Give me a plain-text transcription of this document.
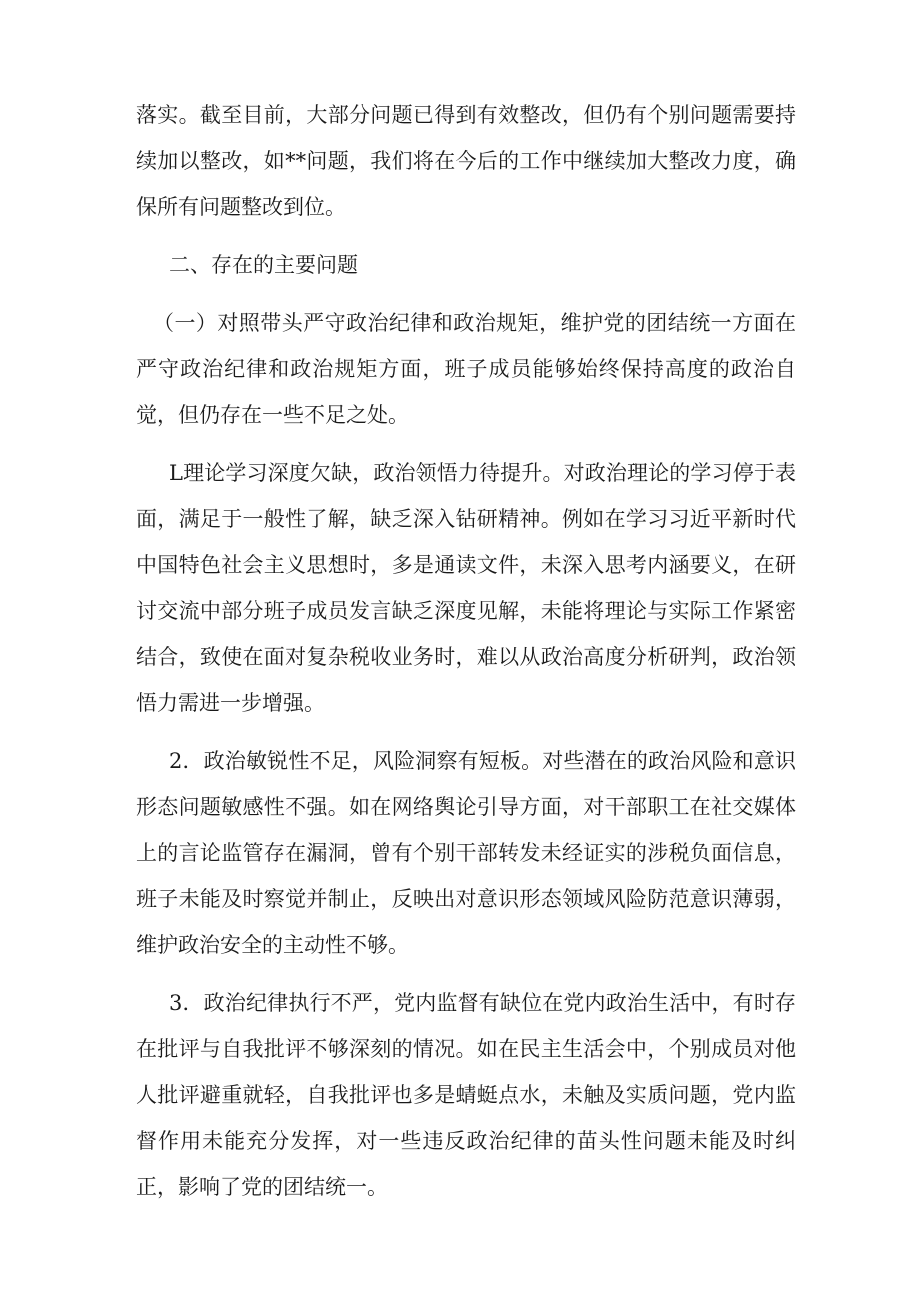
落实。截至目前，大部分问题已得到有效整改，但仍有个别问题需要持续加以整改，如**问题，我们将在今后的工作中继续加大整改力度，确保所有问题整改到位。

二、存在的主要问题

（一）对照带头严守政治纪律和政治规矩，维护党的团结统一方面在严守政治纪律和政治规矩方面，班子成员能够始终保持高度的政治自觉，但仍存在一些不足之处。

L理论学习深度欠缺，政治领悟力待提升。对政治理论的学习停于表面，满足于一般性了解，缺乏深入钻研精神。例如在学习习近平新时代中国特色社会主义思想时，多是通读文件，未深入思考内涵要义，在研讨交流中部分班子成员发言缺乏深度见解，未能将理论与实际工作紧密结合，致使在面对复杂税收业务时，难以从政治高度分析研判，政治领悟力需进一步增强。

2．政治敏锐性不足，风险洞察有短板。对些潜在的政治风险和意识形态问题敏感性不强。如在网络舆论引导方面，对干部职工在社交媒体上的言论监管存在漏洞，曾有个别干部转发未经证实的涉税负面信息，班子未能及时察觉并制止，反映出对意识形态领域风险防范意识薄弱，维护政治安全的主动性不够。

3．政治纪律执行不严，党内监督有缺位在党内政治生活中，有时存在批评与自我批评不够深刻的情况。如在民主生活会中，个别成员对他人批评避重就轻，自我批评也多是蜻蜓点水，未触及实质问题，党内监督作用未能充分发挥，对一些违反政治纪律的苗头性问题未能及时纠正，影响了党的团结统一。
